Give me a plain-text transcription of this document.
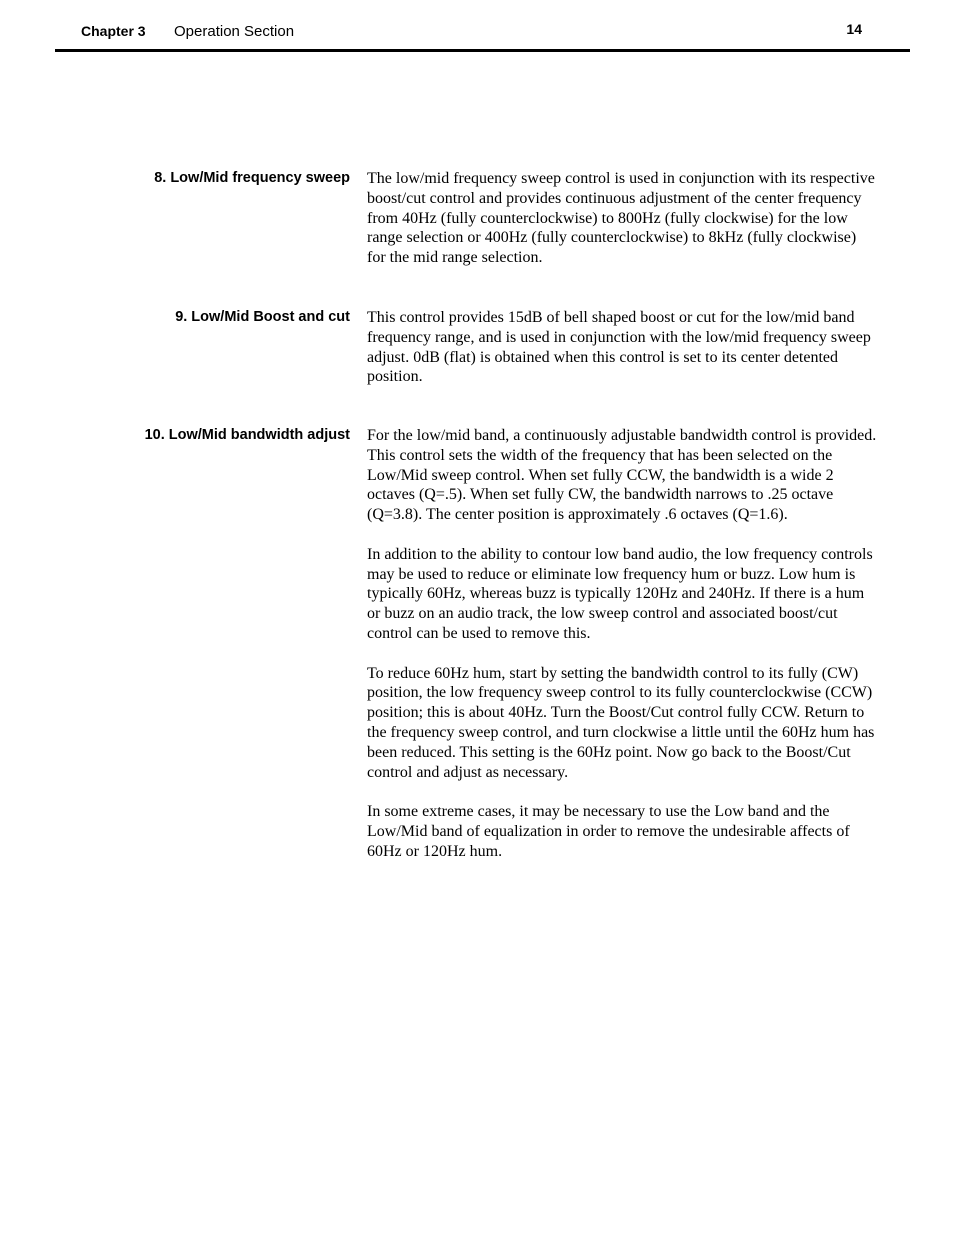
Chapter 3 Operation Section	14
8. Low/Mid frequency sweep The low/mid frequency sweep control is used in conjunction with its respective boost/cut control and provides continuous adjustment of the center frequency from 40Hz (fully counterclockwise) to 800Hz (fully clockwise) for the low range selection or 400Hz (fully counterclockwise) to 8kHz (fully clockwise) for the mid range selection.

9. Low/Mid Boost and cut This control provides 15dB of bell shaped boost or cut for the low/mid band frequency range, and is used in conjunction with the low/mid frequency sweep adjust. 0dB (flat) is obtained when this control is set to its center detented position.

10. Low/Mid bandwidth adjust For the low/mid band, a continuously adjustable bandwidth control is provided. This control sets the width of the frequency that has been selected on the Low/Mid sweep control. When set fully CCW, the bandwidth is a wide 2 octaves (Q=.5). When set fully CW, the bandwidth narrows to .25 octave (Q=3.8). The center position is approximately .6 octaves (Q=1.6).

In addition to the ability to contour low band audio, the low frequency controls may be used to reduce or eliminate low frequency hum or buzz. Low hum is typically 60Hz, whereas buzz is typically 120Hz and 240Hz. If there is a hum or buzz on an audio track, the low sweep control and associated boost/cut control can be used to remove this.

To reduce 60Hz hum, start by setting the bandwidth control to its fully (CW) position, the low frequency sweep control to its fully counterclockwise (CCW) position; this is about 40Hz. Turn the Boost/Cut control fully CCW. Return to the frequency sweep control, and turn clockwise a little until the 60Hz hum has been reduced. This setting is the 60Hz point. Now go back to the Boost/Cut control and adjust as necessary.

In some extreme cases, it may be necessary to use the Low band and the Low/Mid band of equalization in order to remove the undesirable affects of 60Hz or 120Hz hum.
